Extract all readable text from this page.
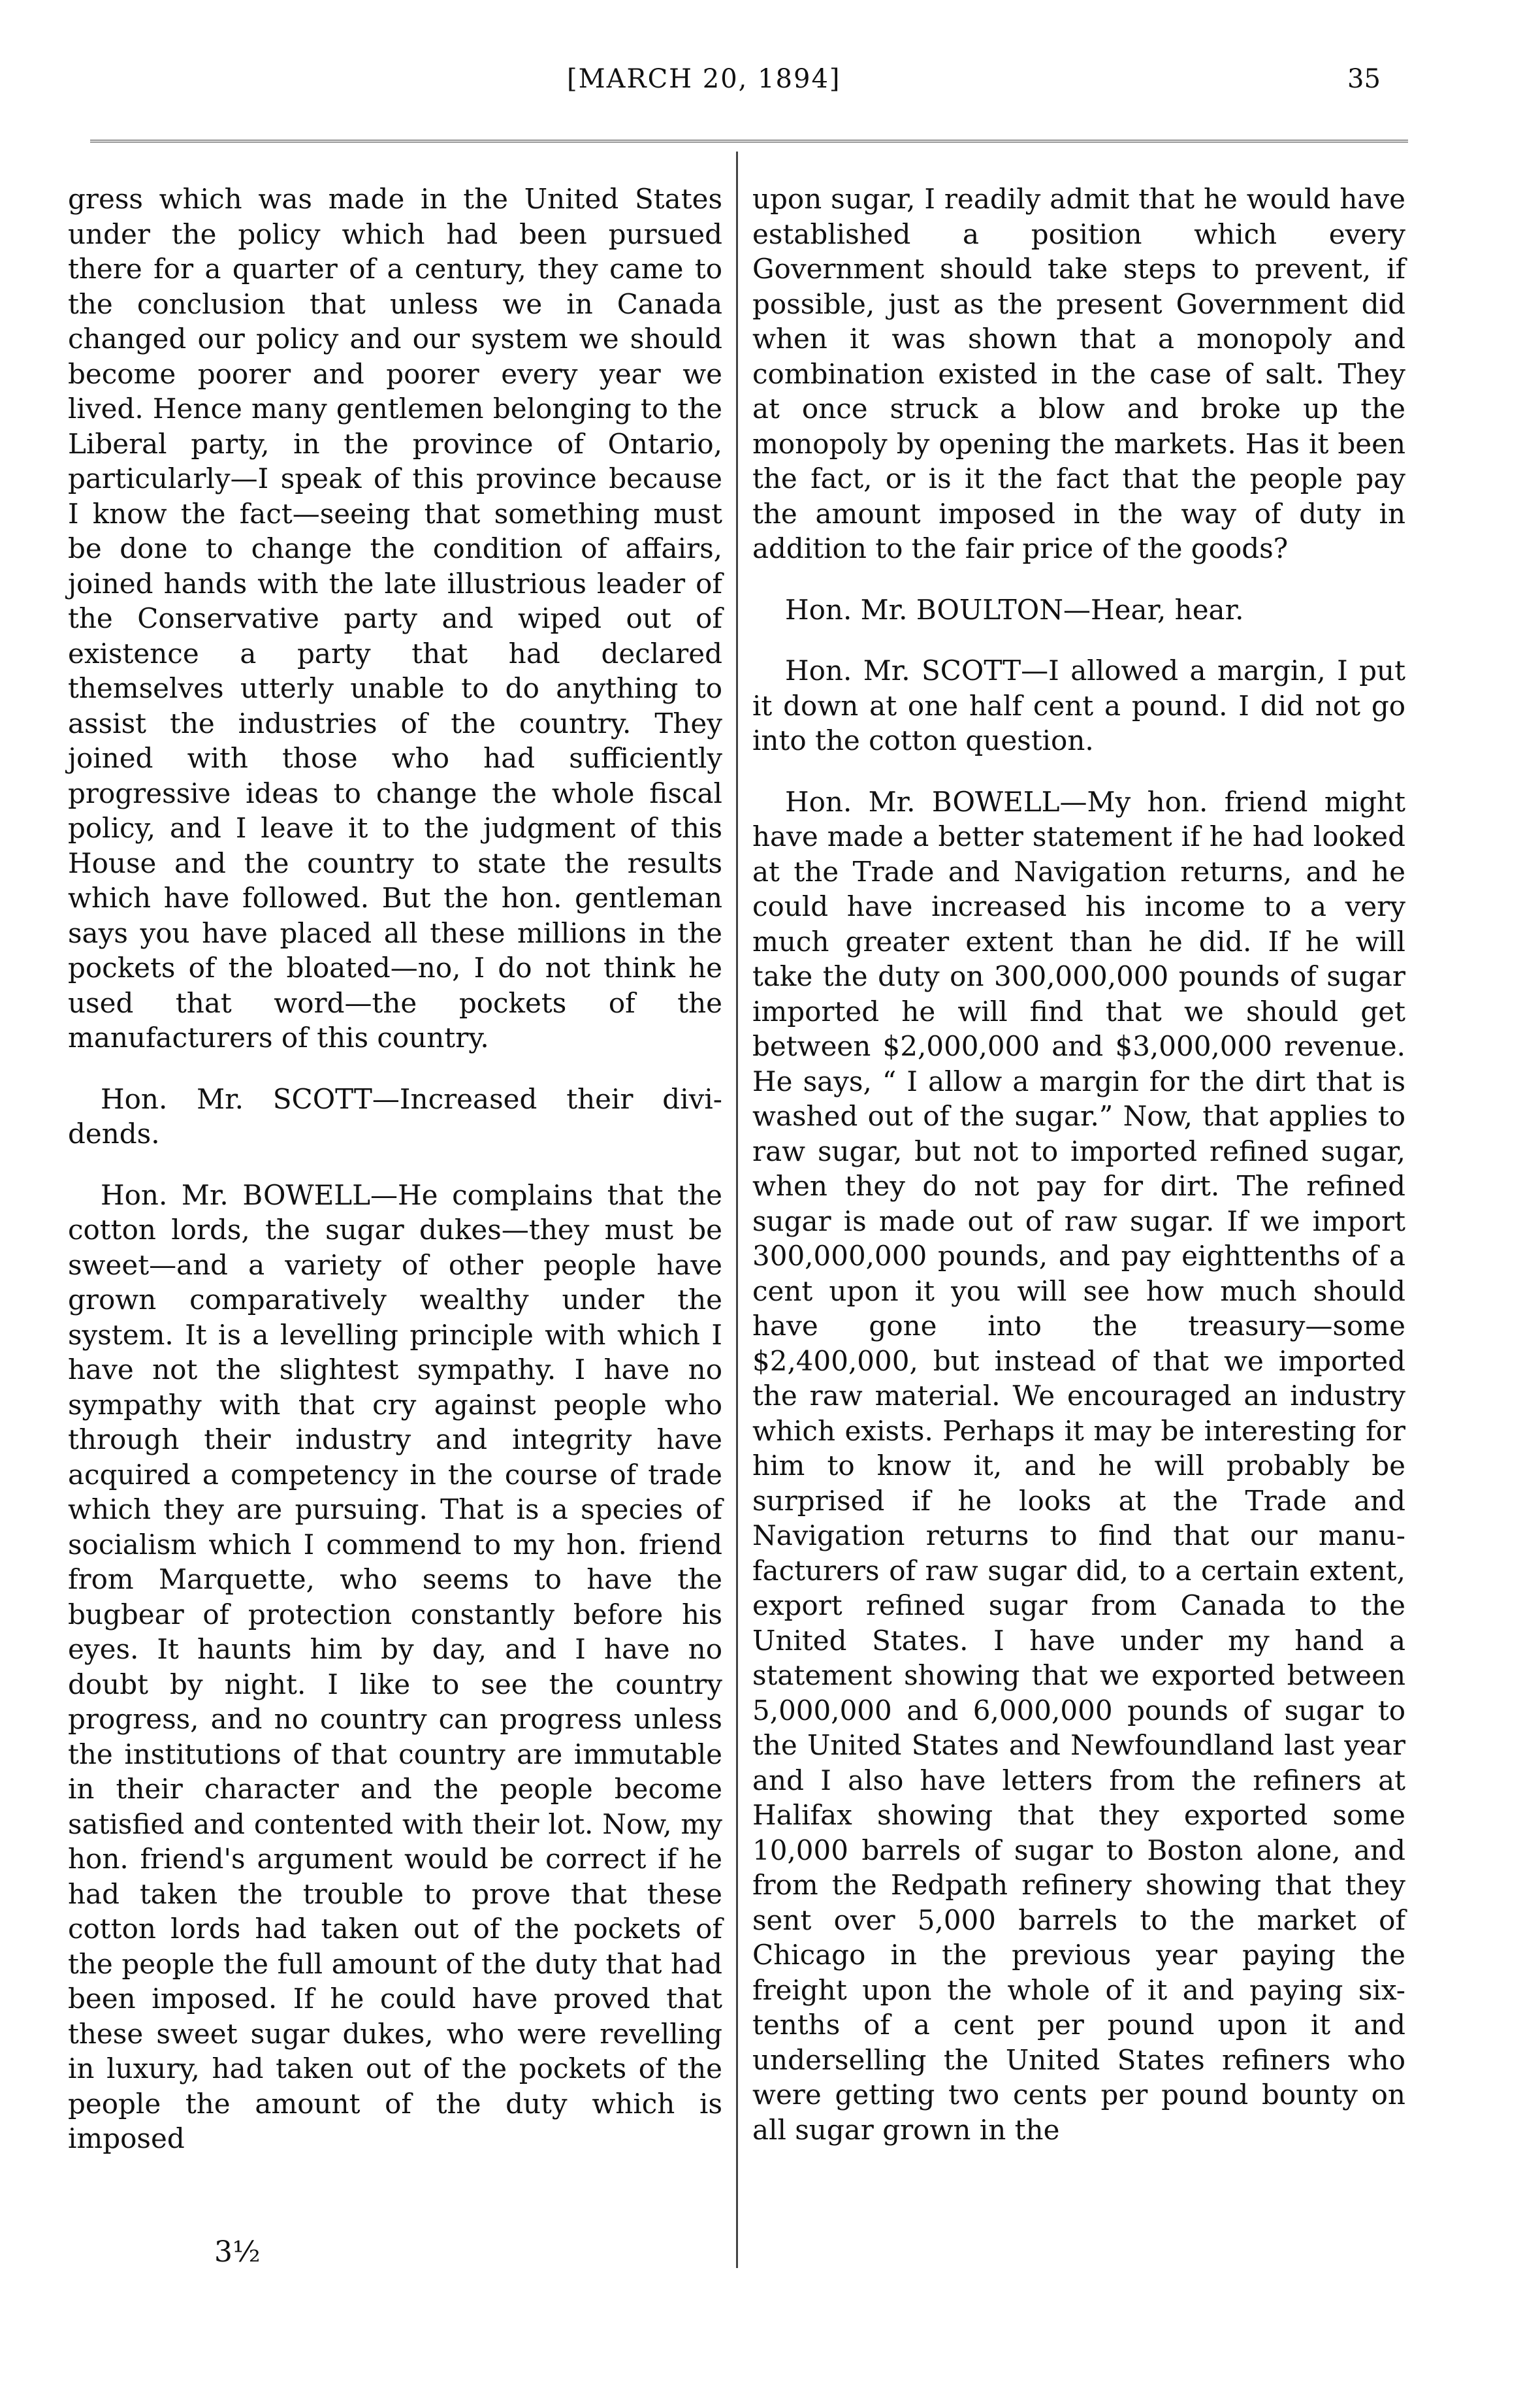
[MARCH 20, 1894]	35

gress which was made in the United States under the policy which had been pursued there for a quarter of a century, they came to the conclusion that unless we in Canada changed our policy and our system we should become poorer and poorer every year we lived. Hence many gentlemen belonging to the Liberal party, in the province of Ontario, particularly—I speak of this province because I know the fact—seeing that something must be done to change the condition of affairs, joined hands with the late illustrious leader of the Conservative party and wiped out of existence a party that had declared themselves utterly unable to do anything to assist the industries of the country. They joined with those who had sufficiently progressive ideas to change the whole fiscal policy, and I leave it to the judgment of this House and the country to state the results which have followed. But the hon. gentleman says you have placed all these millions in the pockets of the bloated—no, I do not think he used that word—the pockets of the manufacturers of this country.

Hon. Mr. SCOTT—Increased their dividends.

Hon. Mr. BOWELL—He complains that the cotton lords, the sugar dukes—they must be sweet—and a variety of other people have grown comparatively wealthy under the system. It is a levelling principle with which I have not the slightest sympathy. I have no sympathy with that cry against people who through their industry and integrity have acquired a competency in the course of trade which they are pursuing. That is a species of socialism which I commend to my hon. friend from Marquette, who seems to have the bugbear of protection constantly before his eyes. It haunts him by day, and I have no doubt by night. I like to see the country progress, and no country can progress unless the institutions of that country are immutable in their character and the people become satisfied and contented with their lot. Now, my hon. friend's argument would be correct if he had taken the trouble to prove that these cotton lords had taken out of the pockets of the people the full amount of the duty that had been imposed. If he could have proved that these sweet sugar dukes, who were revelling in luxury, had taken out of the pockets of the people the amount of the duty which is imposed

upon sugar, I readily admit that he would have established a position which every Government should take steps to prevent, if possible, just as the present Government did when it was shown that a monopoly and combination existed in the case of salt. They at once struck a blow and broke up the monopoly by opening the markets. Has it been the fact, or is it the fact that the people pay the amount imposed in the way of duty in addition to the fair price of the goods?

Hon. Mr. BOULTON—Hear, hear.

Hon. Mr. SCOTT—I allowed a margin, I put it down at one half cent a pound. I did not go into the cotton question.

Hon. Mr. BOWELL—My hon. friend might have made a better statement if he had looked at the Trade and Navigation returns, and he could have increased his income to a very much greater extent than he did. If he will take the duty on 300,000,000 pounds of sugar imported he will find that we should get between $2,000,000 and $3,000,000 revenue. He says, “ I allow a margin for the dirt that is washed out of the sugar.” Now, that applies to raw sugar, but not to imported refined sugar, when they do not pay for dirt. The refined sugar is made out of raw sugar. If we import 300,000,000 pounds, and pay eighttenths of a cent upon it you will see how much should have gone into the treasury—some $2,400,000, but instead of that we imported the raw material. We encouraged an industry which exists. Perhaps it may be interesting for him to know it, and he will probably be surprised if he looks at the Trade and Navigation returns to find that our manufacturers of raw sugar did, to a certain extent, export refined sugar from Canada to the United States. I have under my hand a statement showing that we exported between 5,000,000 and 6,000,000 pounds of sugar to the United States and Newfoundland last year and I also have letters from the refiners at Halifax showing that they exported some 10,000 barrels of sugar to Boston alone, and from the Redpath refinery showing that they sent over 5,000 barrels to the market of Chicago in the previous year paying the freight upon the whole of it and paying six-tenths of a cent per pound upon it and underselling the United States refiners who were getting two cents per pound bounty on all sugar grown in the

3½
